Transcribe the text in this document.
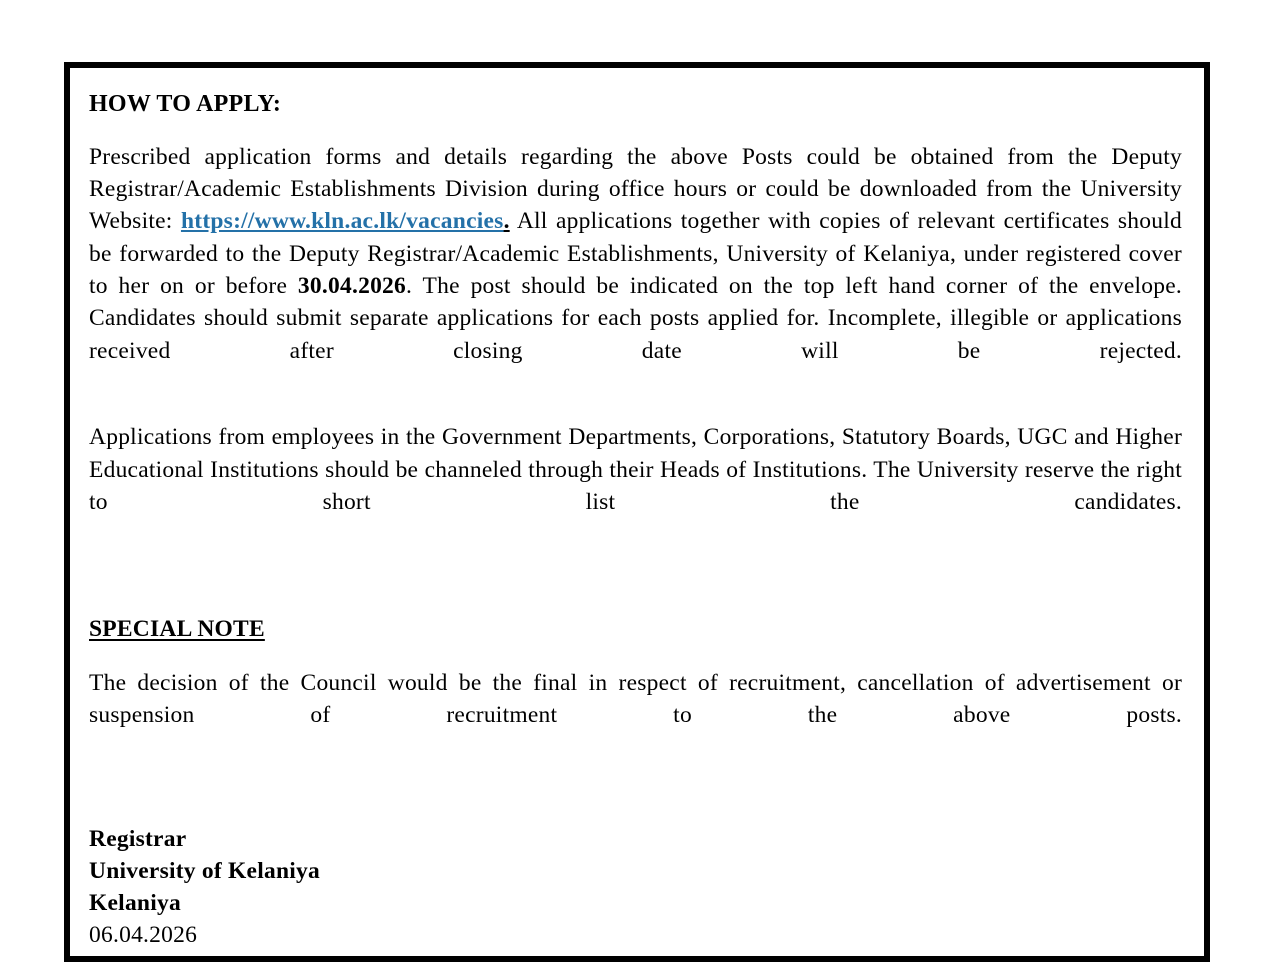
HOW TO APPLY:

Prescribed application forms and details regarding the above Posts could be obtained from the Deputy Registrar/Academic Establishments Division during office hours or could be downloaded from the University Website: https://www.kln.ac.lk/vacancies. All applications together with copies of relevant certificates should be forwarded to the Deputy Registrar/Academic Establishments, University of Kelaniya, under registered cover to her on or before 30.04.2026. The post should be indicated on the top left hand corner of the envelope. Candidates should submit separate applications for each posts applied for. Incomplete, illegible or applications received after closing date will be rejected.

Applications from employees in the Government Departments, Corporations, Statutory Boards, UGC and Higher Educational Institutions should be channeled through their Heads of Institutions. The University reserve the right to short list the candidates.

SPECIAL NOTE

The decision of the Council would be the final in respect of recruitment, cancellation of advertisement or suspension of recruitment to the above posts.

Registrar
University of Kelaniya
Kelaniya
06.04.2026
